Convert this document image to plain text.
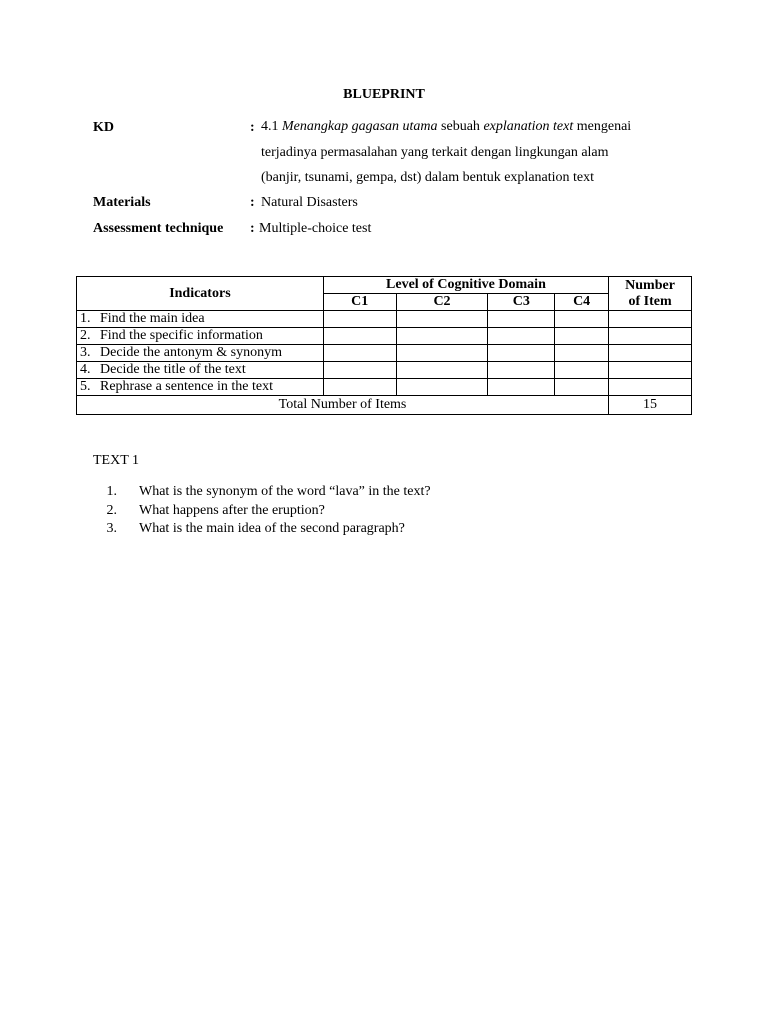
BLUEPRINT
KD	: 4.1 Menangkap gagasan utama sebuah explanation text mengenai
terjadinya permasalahan yang terkait dengan lingkungan alam
(banjir, tsunami, gempa, dst) dalam bentuk explanation text
Materials	: Natural Disasters
Assessment technique : Multiple-choice test
Indicators	Level of Cognitive Domain				Number
of Item

	C1	C2	C3	C4	
1. Find the main idea					
2. Find the specific information					
3. Decide the antonym & synonym					
4. Decide the title of the text					
5. Rephrase a sentence in the text					
Total Number of Items					15
TEXT 1
1. What is the synonym of the word “lava” in the text?
2. What happens after the eruption?
3. What is the main idea of the second paragraph?
